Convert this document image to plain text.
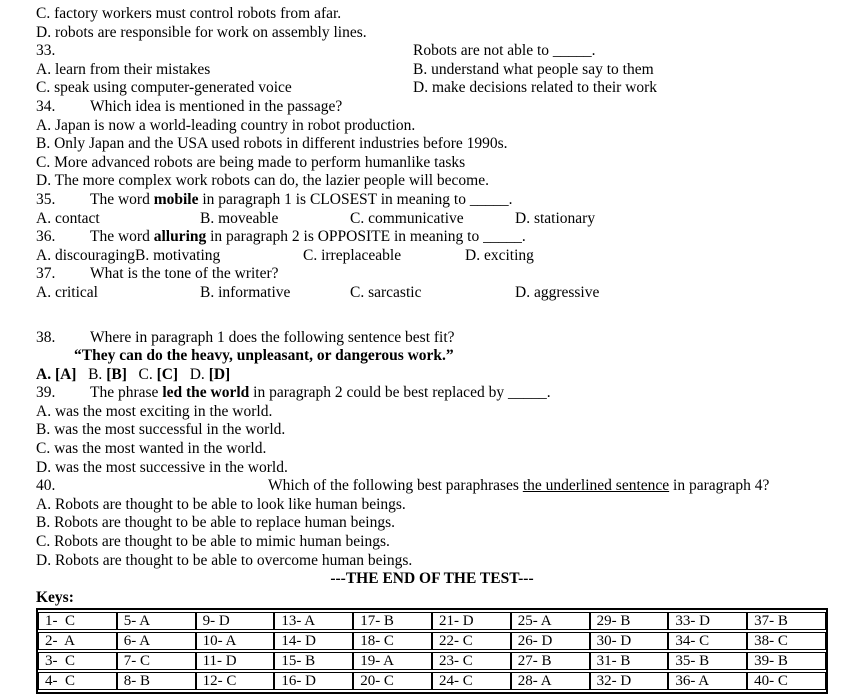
C. factory workers must control robots from afar.
D. robots are responsible for work on assembly lines.
33.	Robots are not able to _____.
A. learn from their mistakes	B. understand what people say to them
C. speak using computer-generated voice	D. make decisions related to their work
34.	Which idea is mentioned in the passage?
A. Japan is now a world-leading country in robot production.
B. Only Japan and the USA used robots in different industries before 1990s.
C. More advanced robots are being made to perform humanlike tasks
D. The more complex work robots can do, the lazier people will become.
35.	The word mobile in paragraph 1 is CLOSEST in meaning to _____.
A. contact	B. moveable	C. communicative	D. stationary
36.	The word alluring in paragraph 2 is OPPOSITE in meaning to _____.
A. discouragingB. motivating	C. irreplaceable	D. exciting
37.	What is the tone of the writer?
A. critical	B. informative	C. sarcastic	D. aggressive
38.	Where in paragraph 1 does the following sentence best fit?
“They can do the heavy, unpleasant, or dangerous work.”
A. [A] B. [B] C. [C] D. [D]
39.	The phrase led the world in paragraph 2 could be best replaced by _____.
A. was the most exciting in the world.
B. was the most successful in the world.
C. was the most wanted in the world.
D. was the most successive in the world.
40.	Which of the following best paraphrases the underlined sentence in paragraph 4?
A. Robots are thought to be able to look like human beings.
B. Robots are thought to be able to replace human beings.
C. Robots are thought to be able to mimic human beings.
D. Robots are thought to be able to overcome human beings.
---THE END OF THE TEST---
Keys:
1-  C	5- A	9- D	13- A	17- B	21- D	25- A	29- B	33- D	37- B
2-  A	6- A	10- A	14- D	18- C	22- C	26- D	30- D	34- C	38- C
3-  C	7- C	11- D	15- B	19- A	23- C	27- B	31- B	35- B	39- B
4-  C	8- B	12- C	16- D	20- C	24- C	28- A	32- D	36- A	40- C
